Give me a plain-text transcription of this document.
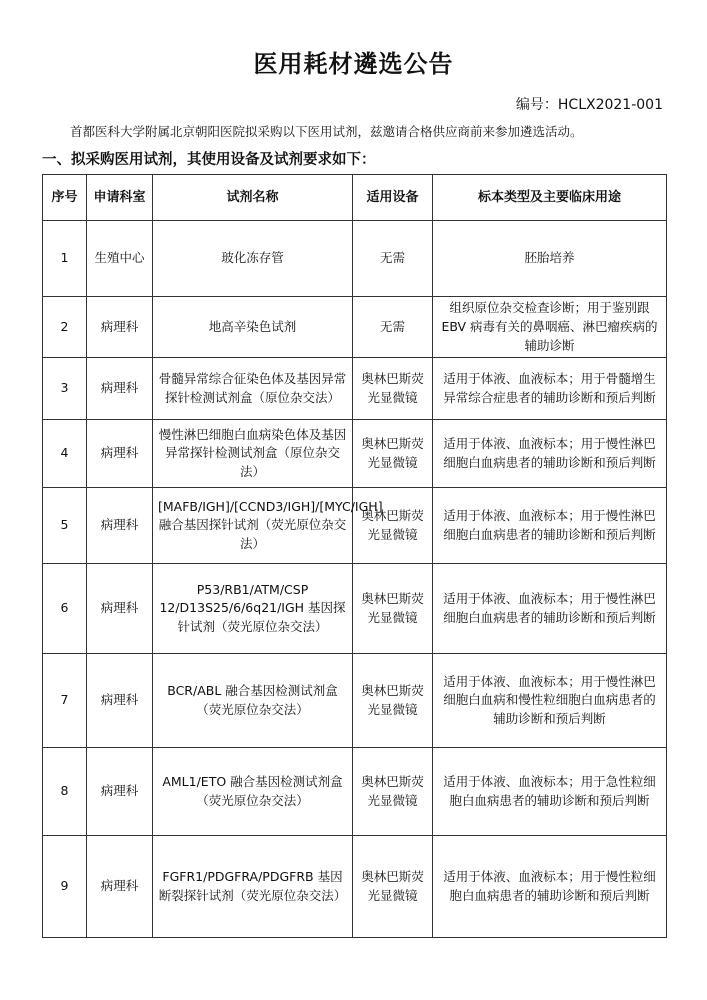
医用耗材遴选公告
编号：HCLX2021-001
首都医科大学附属北京朝阳医院拟采购以下医用试剂，兹邀请合格供应商前来参加遴选活动。
一、拟采购医用试剂，其使用设备及试剂要求如下：
序号	申请科室	试剂名称	适用设备	标本类型及主要临床用途
1	生殖中心	玻化冻存管	无需	胚胎培养
2	病理科	地高辛染色试剂	无需	组织原位杂交检查诊断；用于鉴别跟 EBV 病毒有关的鼻咽癌、淋巴瘤疾病的辅助诊断
3	病理科	骨髓异常综合征染色体及基因异常探针检测试剂盒（原位杂交法）	奥林巴斯荧光显微镜	适用于体液、血液标本；用于骨髓增生异常综合症患者的辅助诊断和预后判断
4	病理科	慢性淋巴细胞白血病染色体及基因异常探针检测试剂盒（原位杂交法）	奥林巴斯荧光显微镜	适用于体液、血液标本；用于慢性淋巴细胞白血病患者的辅助诊断和预后判断
5	病理科	[MAFB/IGH]/[CCND3/IGH]/[MYC/IGH]融合基因探针试剂（荧光原位杂交法）	奥林巴斯荧光显微镜	适用于体液、血液标本；用于慢性淋巴细胞白血病患者的辅助诊断和预后判断
6	病理科	P53/RB1/ATM/CSP 12/D13S25/6/6q21/IGH 基因探针试剂（荧光原位杂交法）	奥林巴斯荧光显微镜	适用于体液、血液标本；用于慢性淋巴细胞白血病患者的辅助诊断和预后判断
7	病理科	BCR/ABL 融合基因检测试剂盒（荧光原位杂交法）	奥林巴斯荧光显微镜	适用于体液、血液标本；用于慢性淋巴细胞白血病和慢性粒细胞白血病患者的辅助诊断和预后判断
8	病理科	AML1/ETO 融合基因检测试剂盒（荧光原位杂交法）	奥林巴斯荧光显微镜	适用于体液、血液标本；用于急性粒细胞白血病患者的辅助诊断和预后判断
9	病理科	FGFR1/PDGFRA/PDGFRB 基因断裂探针试剂（荧光原位杂交法）	奥林巴斯荧光显微镜	适用于体液、血液标本；用于慢性粒细胞白血病患者的辅助诊断和预后判断
